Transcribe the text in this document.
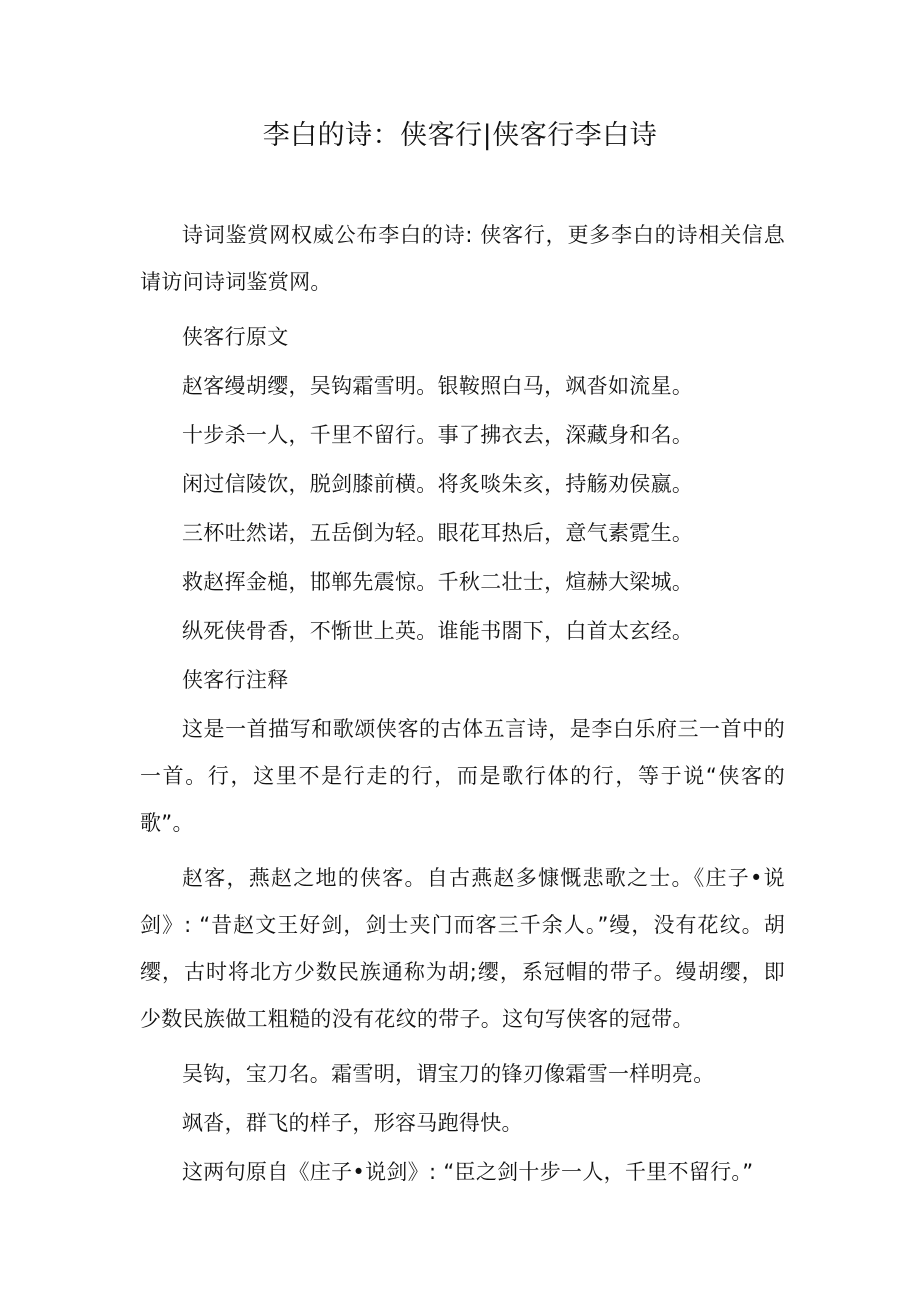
李白的诗：侠客行|侠客行李白诗

诗词鉴赏网权威公布李白的诗: 侠客行，更多李白的诗相关信息请访问诗词鉴赏网。

侠客行原文

赵客缦胡缨，吴钩霜雪明。银鞍照白马，飒沓如流星。

十步杀一人，千里不留行。事了拂衣去，深藏身和名。

闲过信陵饮，脱剑膝前横。将炙啖朱亥，持觞劝侯嬴。

三杯吐然诺，五岳倒为轻。眼花耳热后，意气素霓生。

救赵挥金槌，邯郸先震惊。千秋二壮士，煊赫大梁城。

纵死侠骨香，不惭世上英。谁能书閤下，白首太玄经。

侠客行注释

这是一首描写和歌颂侠客的古体五言诗，是李白乐府三一首中的一首。行，这里不是行走的行，而是歌行体的行，等于说“侠客的歌”。

赵客，燕赵之地的侠客。自古燕赵多慷慨悲歌之士。《庄子•说剑》: “昔赵文王好剑，剑士夹门而客三千余人。”缦，没有花纹。胡缨，古时将北方少数民族通称为胡;缨，系冠帽的带子。缦胡缨，即少数民族做工粗糙的没有花纹的带子。这句写侠客的冠带。

吴钩，宝刀名。霜雪明，谓宝刀的锋刃像霜雪一样明亮。

飒沓，群飞的样子，形容马跑得快。

这两句原自《庄子•说剑》: “臣之剑十步一人，千里不留行。”
